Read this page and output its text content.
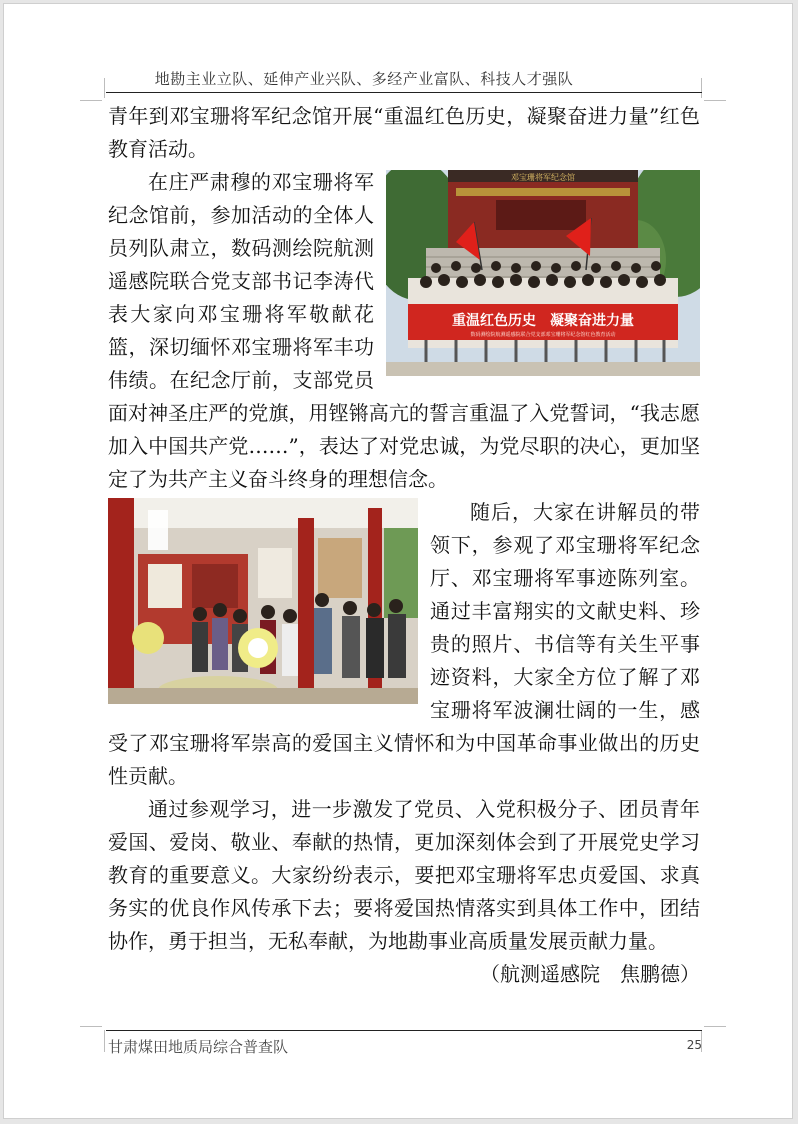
地勘主业立队、延伸产业兴队、多经产业富队、科技人才强队

青年到邓宝珊将军纪念馆开展“重温红色历史，凝聚奋进力量”红色教育活动。

邓宝珊将军纪念馆
重温红色历史　凝聚奋进力量
数码测绘院航测遥感院联合党支部邓宝珊将军纪念馆红色教育活动

在庄严肃穆的邓宝珊将军纪念馆前，参加活动的全体人员列队肃立，数码测绘院航测遥感院联合党支部书记李涛代表大家向邓宝珊将军敬献花篮，深切缅怀邓宝珊将军丰功伟绩。在纪念厅前，支部党员面对神圣庄严的党旗，用铿锵高亢的誓言重温了入党誓词，“我志愿加入中国共产党……”，表达了对党忠诚，为党尽职的决心，更加坚定了为共产主义奋斗终身的理想信念。

随后，大家在讲解员的带领下，参观了邓宝珊将军纪念厅、邓宝珊将军事迹陈列室。通过丰富翔实的文献史料、珍贵的照片、书信等有关生平事迹资料，大家全方位了解了邓宝珊将军波澜壮阔的一生，感受了邓宝珊将军崇高的爱国主义情怀和为中国革命事业做出的历史性贡献。

通过参观学习，进一步激发了党员、入党积极分子、团员青年爱国、爱岗、敬业、奉献的热情，更加深刻体会到了开展党史学习教育的重要意义。大家纷纷表示，要把邓宝珊将军忠贞爱国、求真务实的优良作风传承下去；要将爱国热情落实到具体工作中，团结协作，勇于担当，无私奉献，为地勘事业高质量发展贡献力量。

（航测遥感院　焦鹏德）

甘肃煤田地质局综合普查队	25
